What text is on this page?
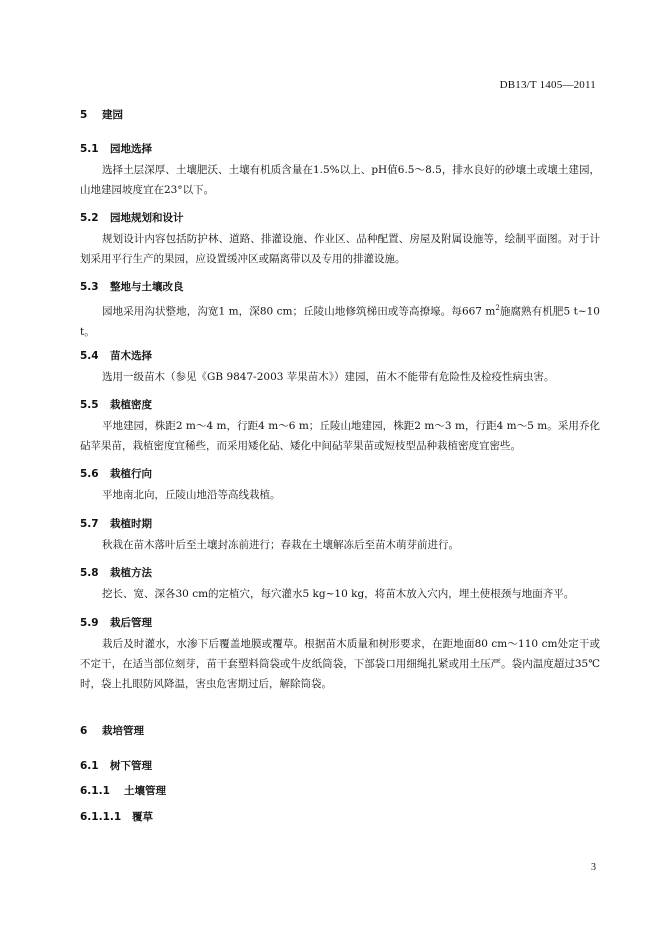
DB13/T 1405—2011
5 建园
5.1 园地选择
选择土层深厚、土壤肥沃、土壤有机质含量在1.5%以上、pH值6.5～8.5，排水良好的砂壤土或壤土建园，山地建园坡度宜在23°以下。
5.2 园地规划和设计
规划设计内容包括防护林、道路、排灌设施、作业区、品种配置、房屋及附属设施等，绘制平面图。对于计划采用平行生产的果园，应设置缓冲区或隔离带以及专用的排灌设施。
5.3 整地与土壤改良
园地采用沟状整地，沟宽1 m，深80 cm；丘陵山地修筑梯田或等高撩壕。每667 $m^2$施腐熟有机肥5 t~10 t。
5.4 苗木选择
选用一级苗木（参见《GB 9847-2003 苹果苗木》）建园，苗木不能带有危险性及检疫性病虫害。
5.5 栽植密度
平地建园，株距2 m～4 m，行距4 m～6 m；丘陵山地建园，株距2 m～3 m，行距4 m～5 m。采用乔化砧苹果苗，栽植密度宜稀些，而采用矮化砧、矮化中间砧苹果苗或短枝型品种栽植密度宜密些。
5.6 栽植行向
平地南北向，丘陵山地沿等高线栽植。
5.7 栽植时期
秋栽在苗木落叶后至土壤封冻前进行；春栽在土壤解冻后至苗木萌芽前进行。
5.8 栽植方法
挖长、宽、深各30 cm的定植穴，每穴灌水5 kg~10 kg，将苗木放入穴内，埋土使根颈与地面齐平。
5.9 栽后管理
栽后及时灌水，水渗下后覆盖地膜或覆草。根据苗木质量和树形要求，在距地面80 cm～110 cm处定干或不定干，在适当部位刻芽，苗干套塑料筒袋或牛皮纸筒袋，下部袋口用细绳扎紧或用土压严。袋内温度超过35℃时，袋上扎眼防风降温，害虫危害期过后，解除筒袋。
6 栽培管理
6.1 树下管理
6.1.1 土壤管理
6.1.1.1 覆草
3
